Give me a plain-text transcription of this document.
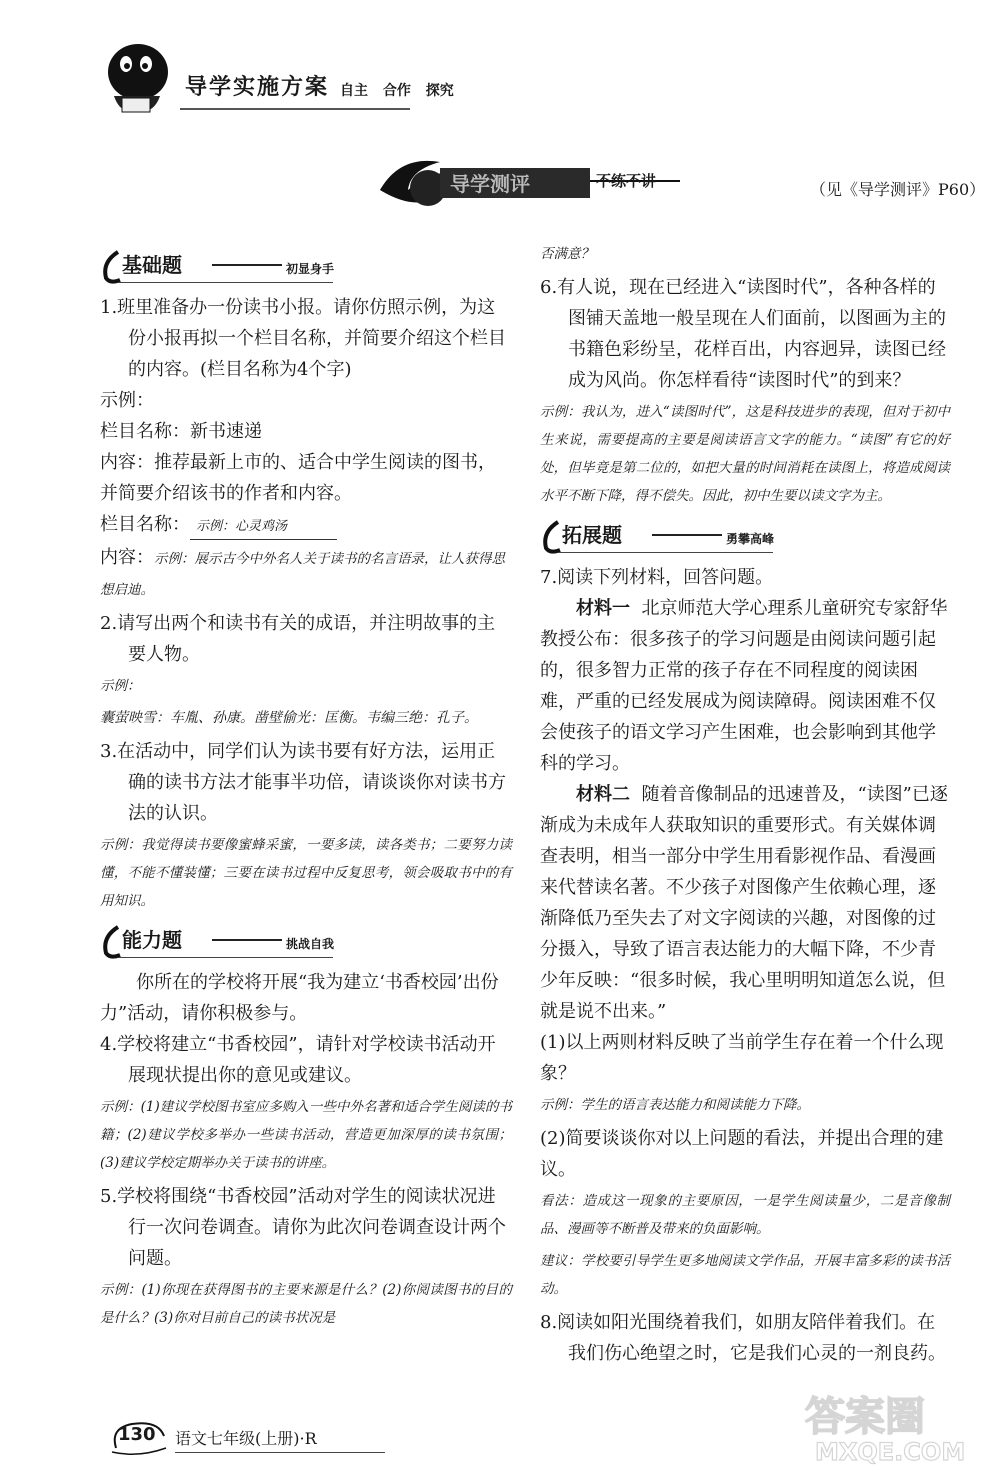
导学实施方案 自主 合作 探究
导学测评	不练不讲	（见《导学测评》P60）
基础题	初显身手

1.班里准备办一份读书小报。请你仿照示例，为这份小报再拟一个栏目名称，并简要介绍这个栏目的内容。(栏目名称为4个字)

示例：

栏目名称：新书速递

内容：推荐最新上市的、适合中学生阅读的图书，并简要介绍该书的作者和内容。

栏目名称： 示例：心灵鸡汤

内容：示例：展示古今中外名人关于读书的名言语录，让人获得思想启迪。

2.请写出两个和读书有关的成语，并注明故事的主要人物。

示例：

囊萤映雪：车胤、孙康。凿壁偷光：匡衡。韦编三绝：孔子。

3.在活动中，同学们认为读书要有好方法，运用正确的读书方法才能事半功倍，请谈谈你对读书方法的认识。

示例：我觉得读书要像蜜蜂采蜜，一要多读，读各类书；二要努力读懂，不能不懂装懂；三要在读书过程中反复思考，领会吸取书中的有用知识。

能力题	挑战自我

你所在的学校将开展“我为建立‘书香校园’出份力”活动，请你积极参与。

4.学校将建立“书香校园”，请针对学校读书活动开展现状提出你的意见或建议。

示例：(1)建议学校图书室应多购入一些中外名著和适合学生阅读的书籍；(2)建议学校多举办一些读书活动，营造更加深厚的读书氛围；(3)建议学校定期举办关于读书的讲座。

5.学校将围绕“书香校园”活动对学生的阅读状况进行一次问卷调查。请你为此次问卷调查设计两个问题。

示例：(1)你现在获得图书的主要来源是什么？(2)你阅读图书的目的是什么？(3)你对目前自己的读书状况是

否满意？

6.有人说，现在已经进入“读图时代”，各种各样的图铺天盖地一般呈现在人们面前，以图画为主的书籍色彩纷呈，花样百出，内容迥异，读图已经成为风尚。你怎样看待“读图时代”的到来？

示例：我认为，进入“读图时代”，这是科技进步的表现，但对于初中生来说，需要提高的主要是阅读语言文字的能力。“读图”有它的好处，但毕竟是第二位的，如把大量的时间消耗在读图上，将造成阅读水平不断下降，得不偿失。因此，初中生要以读文字为主。

拓展题	勇攀高峰

7.阅读下列材料，回答问题。

材料一 北京师范大学心理系儿童研究专家舒华教授公布：很多孩子的学习问题是由阅读问题引起的，很多智力正常的孩子存在不同程度的阅读困难，严重的已经发展成为阅读障碍。阅读困难不仅会使孩子的语文学习产生困难，也会影响到其他学科的学习。

材料二 随着音像制品的迅速普及，“读图”已逐渐成为未成年人获取知识的重要形式。有关媒体调查表明，相当一部分中学生用看影视作品、看漫画来代替读名著。不少孩子对图像产生依赖心理，逐渐降低乃至失去了对文字阅读的兴趣，对图像的过分摄入，导致了语言表达能力的大幅下降，不少青少年反映：“很多时候，我心里明明知道怎么说，但就是说不出来。”

(1)以上两则材料反映了当前学生存在着一个什么现象？

示例：学生的语言表达能力和阅读能力下降。

(2)简要谈谈你对以上问题的看法，并提出合理的建议。

看法：造成这一现象的主要原因，一是学生阅读量少，二是音像制品、漫画等不断普及带来的负面影响。

建议：学校要引导学生更多地阅读文学作品，开展丰富多彩的读书活动。

8.阅读如阳光围绕着我们，如朋友陪伴着我们。在我们伤心绝望之时，它是我们心灵的一剂良药。

130 语文七年级(上册)·R	答案圈
MXQE.COM
